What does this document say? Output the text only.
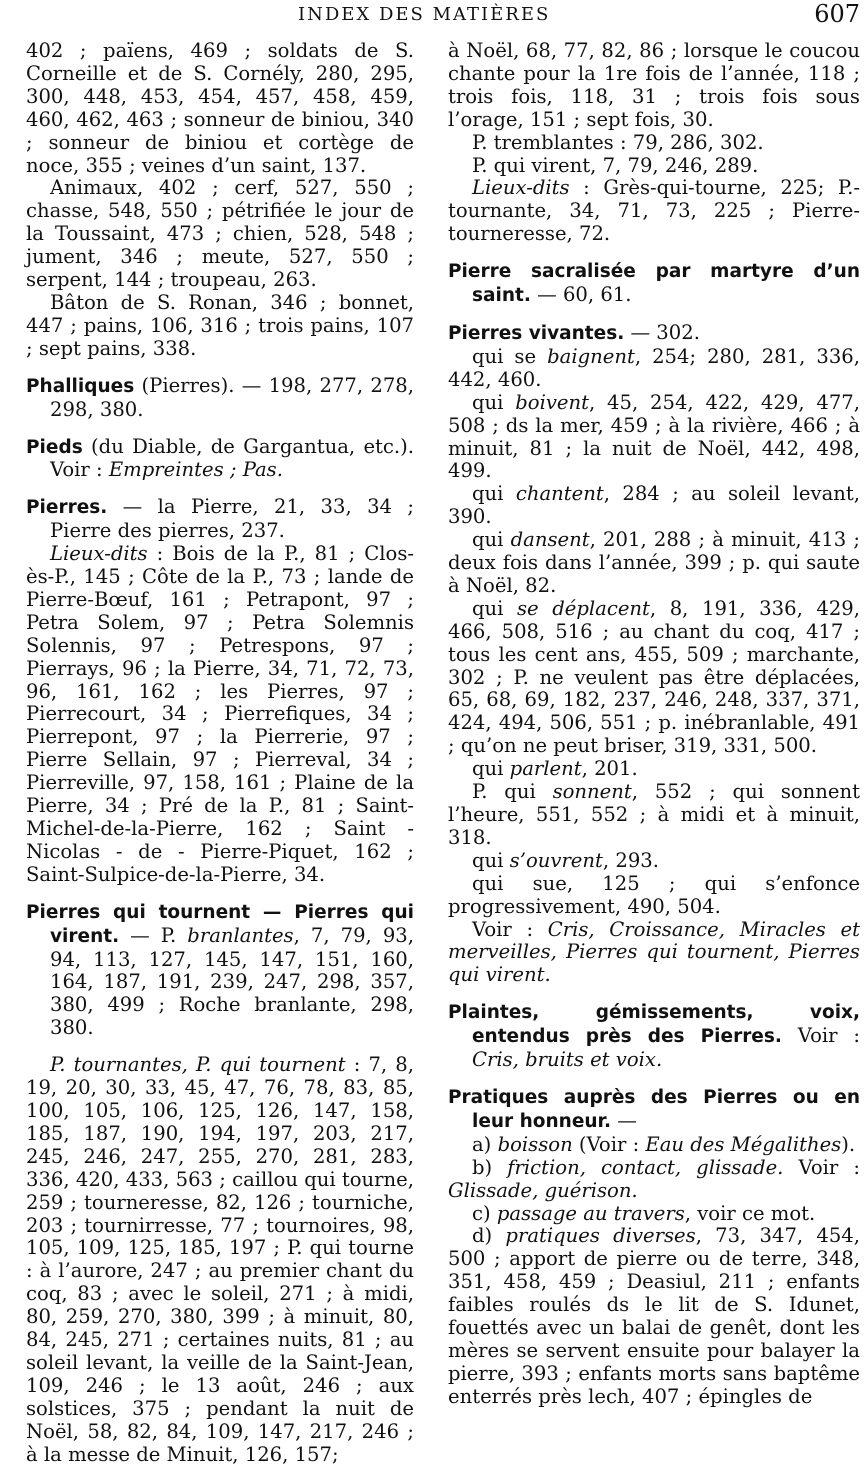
INDEX DES MATIÈRES	607

402 ; païens, 469 ; soldats de S. Corneille et de S. Cornély, 280, 295, 300, 448, 453, 454, 457, 458, 459, 460, 462, 463 ; sonneur de biniou, 340 ; sonneur de biniou et cortège de noce, 355 ; veines d’un saint, 137.

Animaux, 402 ; cerf, 527, 550 ; chasse, 548, 550 ; pétrifiée le jour de la Toussaint, 473 ; chien, 528, 548 ; jument, 346 ; meute, 527, 550 ; serpent, 144 ; troupeau, 263.

Bâton de S. Ronan, 346 ; bonnet, 447 ; pains, 106, 316 ; trois pains, 107 ; sept pains, 338.

Phalliques (Pierres). — 198, 277, 278, 298, 380.

Pieds (du Diable, de Gargantua, etc.). Voir : Empreintes ; Pas.

Pierres. — la Pierre, 21, 33, 34 ; Pierre des pierres, 237.

Lieux-dits : Bois de la P., 81 ; Clos-ès-P., 145 ; Côte de la P., 73 ; lande de Pierre-Bœuf, 161 ; Petrapont, 97 ; Petra Solem, 97 ; Petra Solemnis Solennis, 97 ; Petrespons, 97 ; Pierrays, 96 ; la Pierre, 34, 71, 72, 73, 96, 161, 162 ; les Pierres, 97 ; Pierrecourt, 34 ; Pierrefiques, 34 ; Pierrepont, 97 ; la Pierrerie, 97 ; Pierre Sellain, 97 ; Pierreval, 34 ; Pierreville, 97, 158, 161 ; Plaine de la Pierre, 34 ; Pré de la P., 81 ; Saint-Michel-de-la-Pierre, 162 ; Saint - Nicolas - de - Pierre-Piquet, 162 ; Saint-Sulpice-de-la-Pierre, 34.

Pierres qui tournent — Pierres qui virent. — P. branlantes, 7, 79, 93, 94, 113, 127, 145, 147, 151, 160, 164, 187, 191, 239, 247, 298, 357, 380, 499 ; Roche branlante, 298, 380.

P. tournantes, P. qui tournent : 7, 8, 19, 20, 30, 33, 45, 47, 76, 78, 83, 85, 100, 105, 106, 125, 126, 147, 158, 185, 187, 190, 194, 197, 203, 217, 245, 246, 247, 255, 270, 281, 283, 336, 420, 433, 563 ; caillou qui tourne, 259 ; tourneresse, 82, 126 ; tourniche, 203 ; tournirresse, 77 ; tournoires, 98, 105, 109, 125, 185, 197 ; P. qui tourne : à l’aurore, 247 ; au premier chant du coq, 83 ; avec le soleil, 271 ; à midi, 80, 259, 270, 380, 399 ; à minuit, 80, 84, 245, 271 ; certaines nuits, 81 ; au soleil levant, la veille de la Saint-Jean, 109, 246 ; le 13 août, 246 ; aux solstices, 375 ; pendant la nuit de Noël, 58, 82, 84, 109, 147, 217, 246 ; à la messe de Minuit, 126, 157;

à Noël, 68, 77, 82, 86 ; lorsque le coucou chante pour la 1re fois de l’année, 118 ; trois fois, 118, 31 ; trois fois sous l’orage, 151 ; sept fois, 30.

P. tremblantes : 79, 286, 302.

P. qui virent, 7, 79, 246, 289.

Lieux-dits : Grès-qui-tourne, 225; P.-tournante, 34, 71, 73, 225 ; Pierre-tourneresse, 72.

Pierre sacralisée par martyre d’un saint. — 60, 61.

Pierres vivantes. — 302.

qui se baignent, 254; 280, 281, 336, 442, 460.

qui boivent, 45, 254, 422, 429, 477, 508 ; ds la mer, 459 ; à la rivière, 466 ; à minuit, 81 ; la nuit de Noël, 442, 498, 499.

qui chantent, 284 ; au soleil levant, 390.

qui dansent, 201, 288 ; à minuit, 413 ; deux fois dans l’année, 399 ; p. qui saute à Noël, 82.

qui se déplacent, 8, 191, 336, 429, 466, 508, 516 ; au chant du coq, 417 ; tous les cent ans, 455, 509 ; marchante, 302 ; P. ne veulent pas être déplacées, 65, 68, 69, 182, 237, 246, 248, 337, 371, 424, 494, 506, 551 ; p. inébranlable, 491 ; qu’on ne peut briser, 319, 331, 500.

qui parlent, 201.

P. qui sonnent, 552 ; qui sonnent l’heure, 551, 552 ; à midi et à minuit, 318.

qui s’ouvrent, 293.

qui sue, 125 ; qui s’enfonce progressivement, 490, 504.

Voir : Cris, Croissance, Miracles et merveilles, Pierres qui tournent, Pierres qui virent.

Plaintes, gémissements, voix, entendus près des Pierres. Voir : Cris, bruits et voix.

Pratiques auprès des Pierres ou en leur honneur. —

a) boisson (Voir : Eau des Mégalithes).

b) friction, contact, glissade. Voir : Glissade, guérison.

c) passage au travers, voir ce mot.

d) pratiques diverses, 73, 347, 454, 500 ; apport de pierre ou de terre, 348, 351, 458, 459 ; Deasiul, 211 ; enfants faibles roulés ds le lit de S. Idunet, fouettés avec un balai de genêt, dont les mères se servent ensuite pour balayer la pierre, 393 ; enfants morts sans baptême enterrés près lech, 407 ; épingles de
